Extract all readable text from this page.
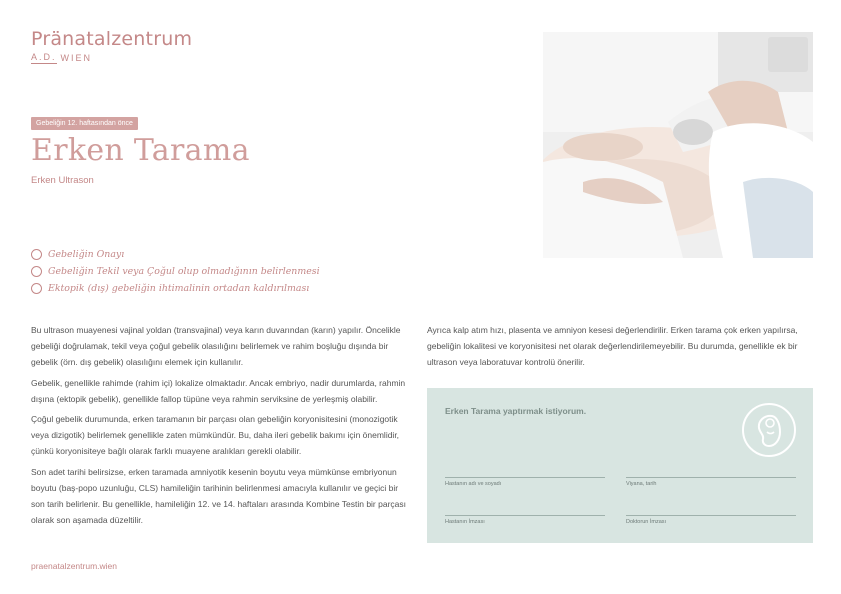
Pränatalzentrum
A.D. WIEN
Gebeliğin 12. haftasından önce
Erken Tarama
Erken Ultrason
Gebeliğin Onayı
Gebeliğin Tekil veya Çoğul olup olmadığının belirlenmesi
Ektopik (dış) gebeliğin ihtimalinin ortadan kaldırılması

Bu ultrason muayenesi vajinal yoldan (transvajinal) veya karın duvarından (karın) yapılır. Öncelikle gebeliği doğrulamak, tekil veya çoğul gebelik olasılığını belirlemek ve rahim boşluğu dışında bir gebelik (örn. dış gebelik) olasılığını elemek için kullanılır.

Gebelik, genellikle rahimde (rahim içi) lokalize olmaktadır. Ancak embriyo, nadir durumlarda, rahmin dışına (ektopik gebelik), genellikle fallop tüpüne veya rahmin serviksine de yerleşmiş olabilir.

Çoğul gebelik durumunda, erken taramanın bir parçası olan gebeliğin koryonisitesini (monozigotik veya dizigotik) belirlemek genellikle zaten mümkündür. Bu, daha ileri gebelik bakımı için önemlidir, çünkü koryonisiteye bağlı olarak farklı muayene aralıkları gerekli olabilir.

Son adet tarihi belirsizse, erken taramada amniyotik kesenin boyutu veya mümkünse embriyonun boyutu (baş-popo uzunluğu, CLS) hamileliğin tarihinin belirlenmesi amacıyla kullanılır ve geçici bir son tarih belirlenir. Bu genellikle, hamileliğin 12. ve 14. haftaları arasında Kombine Testin bir parçası olarak son aşamada düzeltilir.

Ayrıca kalp atım hızı, plasenta ve amniyon kesesi değerlendirilir. Erken tarama çok erken yapılırsa, gebeliğin lokalitesi ve koryonisitesi net olarak değerlendirilemeyebilir. Bu durumda, genellikle ek bir ultrason veya laboratuvar kontrolü önerilir.

praenatalzentrum.wien
Erken Tarama yaptırmak istiyorum.
Hastanın adı ve soyadı	Viyana, tarih
Hastanın İmzası	Doktorun İmzası
